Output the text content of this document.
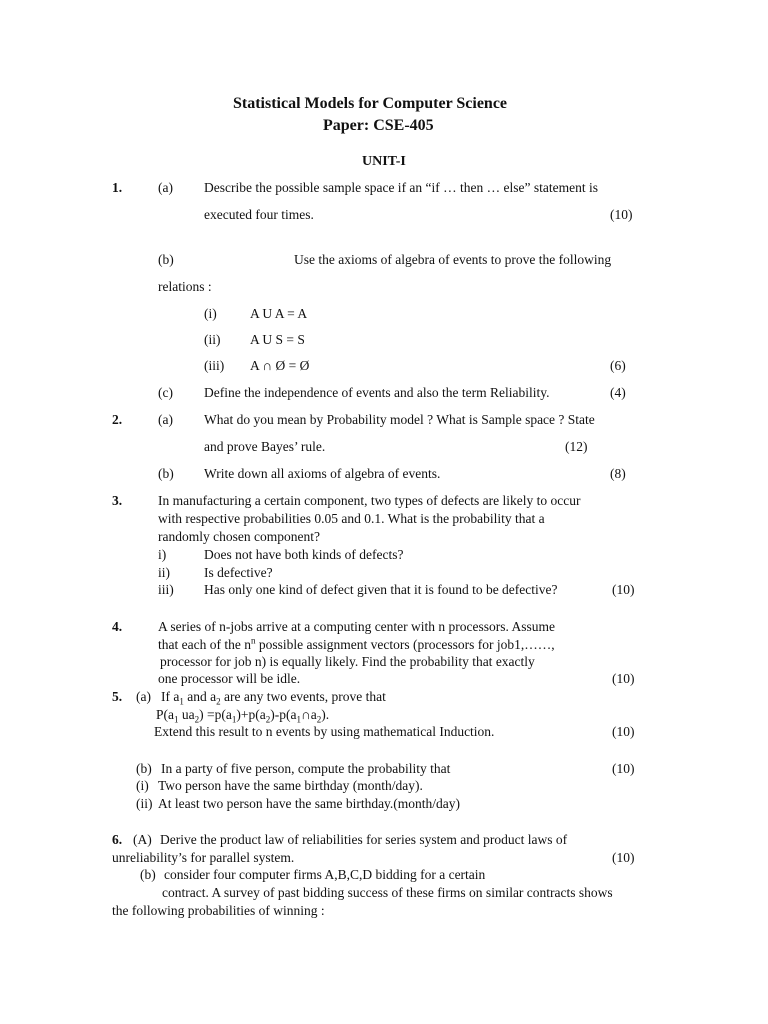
Statistical Models for Computer Science
Paper: CSE-405
UNIT-I
1.	(a) Describe the possible sample space if an “if … then … else” statement is
executed four times.	(10)
(b)	Use the axioms of algebra of events to prove the following
relations :
(i) A U A = A
(ii) A U S = S
(iii) A ∩ Ø = Ø	(6)
(c) Define the independence of events and also the term Reliability.	(4)
2.	(a) What do you mean by Probability model ? What is Sample space ? State
and prove Bayes’ rule.	(12)
(b) Write down all axioms of algebra of events.	(8)
3.	In manufacturing a certain component, two types of defects are likely to occur
with respective probabilities 0.05 and 0.1. What is the probability that a
randomly chosen component?
i)	Does not have both kinds of defects?
ii)	Is defective?
iii) Has only one kind of defect given that it is found to be defective?	(10)
4.	A series of n-jobs arrive at a computing center with n processors. Assume
that each of the $n^n$ possible assignment vectors (processors for job1,……,
processor for job n) is equally likely. Find the probability that exactly
one processor will be idle.	(10)
5. (a) If $a_1$ and $a_2$ are any two events, prove that
$P(a_1$ $ua_2$) $=p(a_1)+p(a_2)-p(a_1\cap a_2)$.
Extend this result to n events by using mathematical Induction.	(10)
(b) In a party of five person, compute the probability that	(10)
(i) Two person have the same birthday (month/day).
(ii) At least two person have the same birthday.(month/day)
6. (A) Derive the product law of reliabilities for series system and product laws of
unreliability’s for parallel system.	(10)
(b) consider four computer firms A,B,C,D bidding for a certain
contract. A survey of past bidding success of these firms on similar contracts shows
the following probabilities of winning :
